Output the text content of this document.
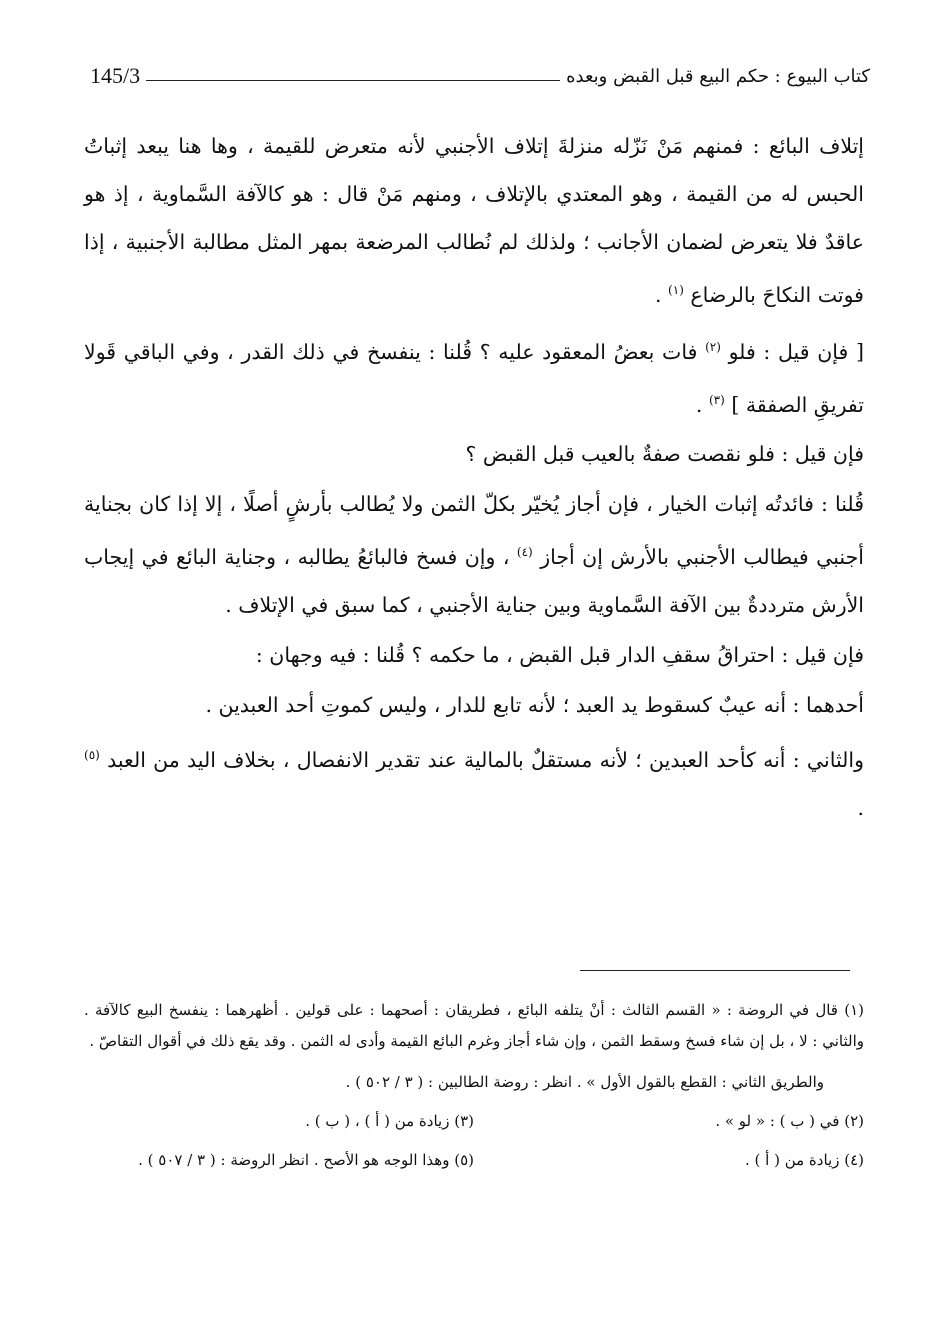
كتاب البيوع : حكم البيع قبل القبض وبعده
145/3

إتلاف البائع : فمنهم مَنْ نَزّله منزلةَ إتلاف الأجنبي لأنه متعرض للقيمة ، وها هنا يبعد إثباتُ الحبس له من القيمة ، وهو المعتدي بالإتلاف ، ومنهم مَنْ قال : هو كالآفة السَّماوية ، إذ هو عاقدٌ فلا يتعرض لضمان الأجانب ؛ ولذلك لم نُطالب المرضعة بمهر المثل مطالبة الأجنبية ، إذا فوتت النكاحَ بالرضاع $^{(١)}$ .

[ فإن قيل : فلو $^{(٢)}$ فات بعضُ المعقود عليه ؟ قُلنا : ينفسخ في ذلك القدر ، وفي الباقي قَولا تفريقِ الصفقة ] $^{(٣)}$ .

فإن قيل : فلو نقصت صفةٌ بالعيب قبل القبض ؟

قُلنا : فائدتُه إثبات الخيار ، فإن أجاز يُخيّر بكلّ الثمن ولا يُطالب بأرشٍ أصلًا ، إلا إذا كان بجناية أجنبي فيطالب الأجنبي بالأرش إن أجاز $^{(٤)}$ ، وإن فسخ فالبائعُ يطالبه ، وجناية البائع في إيجاب الأرش مترددةٌ بين الآفة السَّماوية وبين جناية الأجنبي ، كما سبق في الإتلاف .

فإن قيل : احتراقُ سقفِ الدار قبل القبض ، ما حكمه ؟ قُلنا : فيه وجهان :

أحدهما : أنه عيبٌ كسقوط يد العبد ؛ لأنه تابع للدار ، وليس كموتِ أحد العبدين .

والثاني : أنه كأحد العبدين ؛ لأنه مستقلٌ بالمالية عند تقدير الانفصال ، بخلاف اليد من العبد $^{(٥)}$ .

(١) قال في الروضة : « القسم الثالث : أنْ يتلفه البائع ، فطريقان : أصحهما : على قولين . أظهرهما : ينفسخ البيع كالآفة . والثاني : لا ، بل إن شاء فسخ وسقط الثمن ، وإن شاء أجاز وغرم البائع القيمة وأدى له الثمن . وقد يقع ذلك في أقوال التقاصّ .

والطريق الثاني : القطع بالقول الأول » . انظر : روضة الطالبين : ( ٣ / ٥٠٢ ) .

(٢) في ( ب ) : « لو » .
(٣) زيادة من ( أ ) ، ( ب ) .
(٤) زيادة من ( أ ) .
(٥) وهذا الوجه هو الأصح . انظر الروضة : ( ٣ / ٥٠٧ ) .
